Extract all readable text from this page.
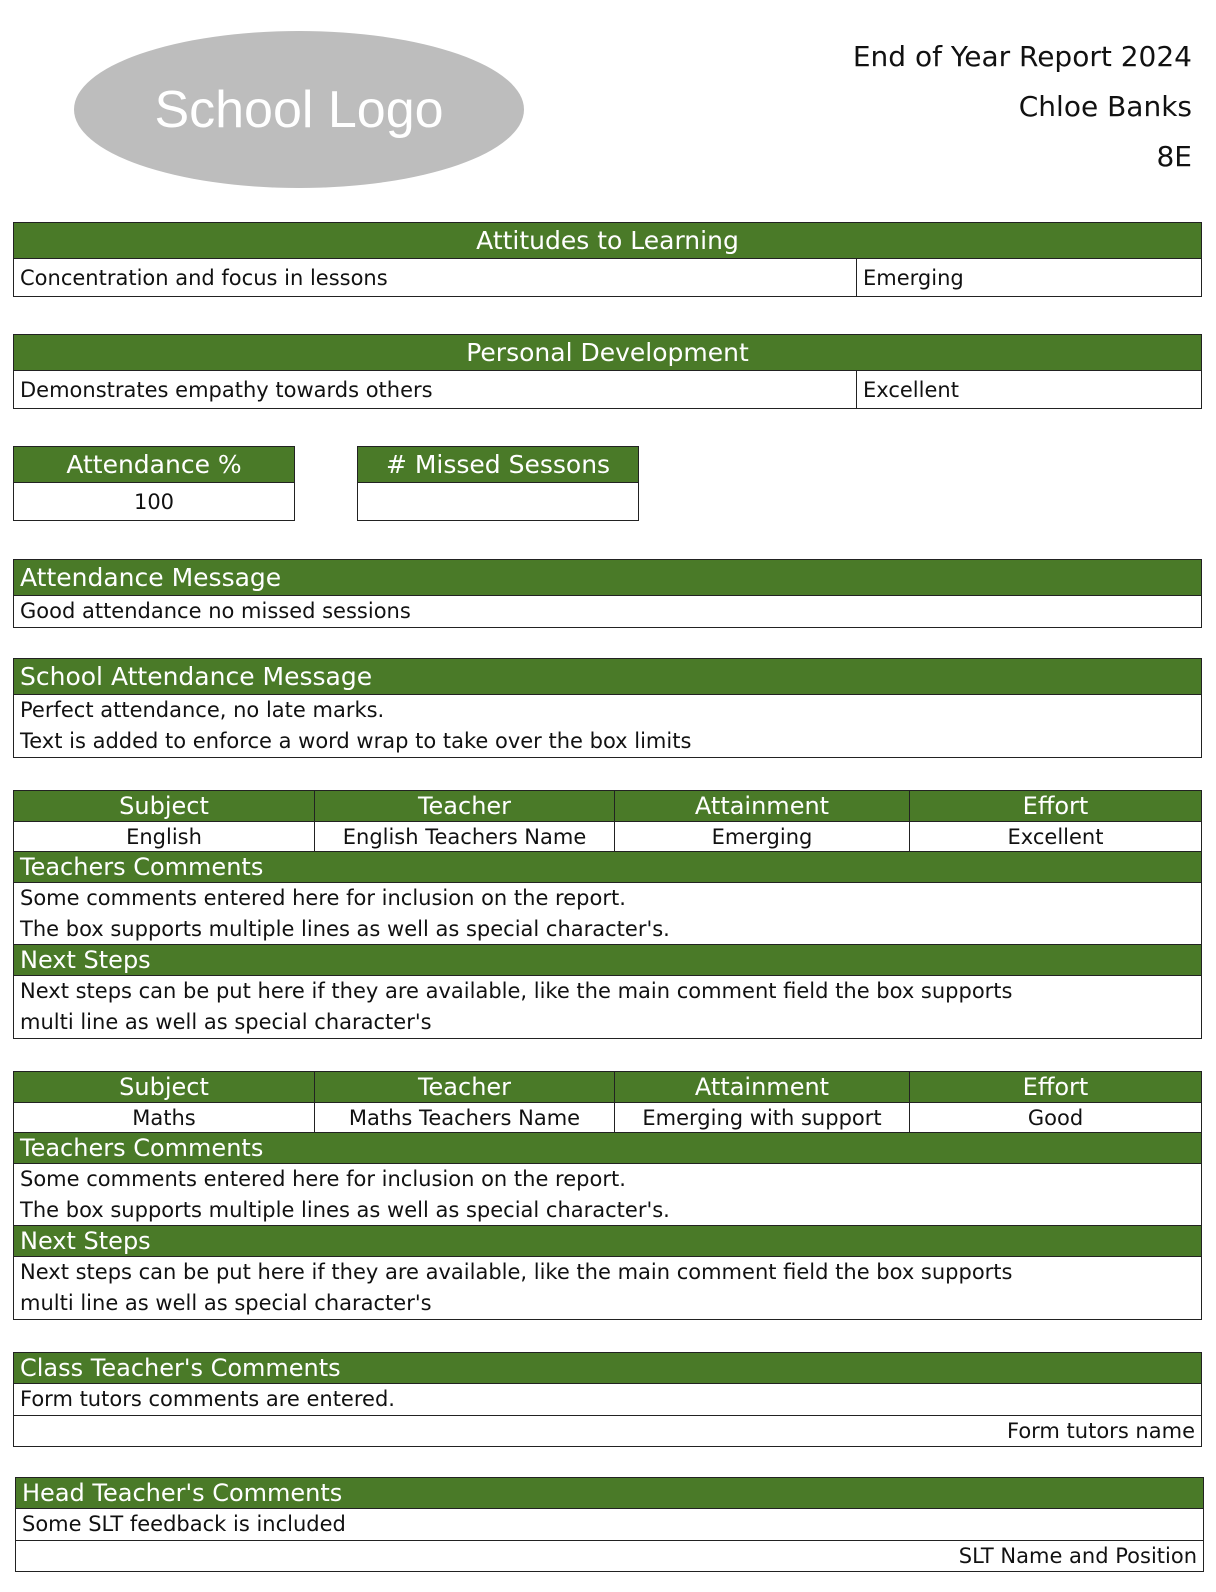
School Logo
End of Year Report 2024
Chloe Banks
8E
Attitudes to Learning
Concentration and focus in lessons	Emerging
Personal Development
Demonstrates empathy towards others	Excellent
Attendance %
100
# Missed Sessons
Attendance Message
Good attendance no missed sessions
School Attendance Message
Perfect attendance, no late marks.
Text is added to enforce a word wrap to take over the box limits
Subject	Teacher	Attainment	Effort
English	English Teachers Name	Emerging	Excellent
Teachers Comments
Some comments entered here for inclusion on the report.
The box supports multiple lines as well as special character's.
Next Steps
Next steps can be put here if they are available, like the main comment field the box supports
multi line as well as special character's
Subject	Teacher	Attainment	Effort
Maths	Maths Teachers Name	Emerging with support	Good
Teachers Comments
Some comments entered here for inclusion on the report.
The box supports multiple lines as well as special character's.
Next Steps
Next steps can be put here if they are available, like the main comment field the box supports
multi line as well as special character's
Class Teacher's Comments
Form tutors comments are entered.
Form tutors name
Head Teacher's Comments
Some SLT feedback is included
SLT Name and Position
